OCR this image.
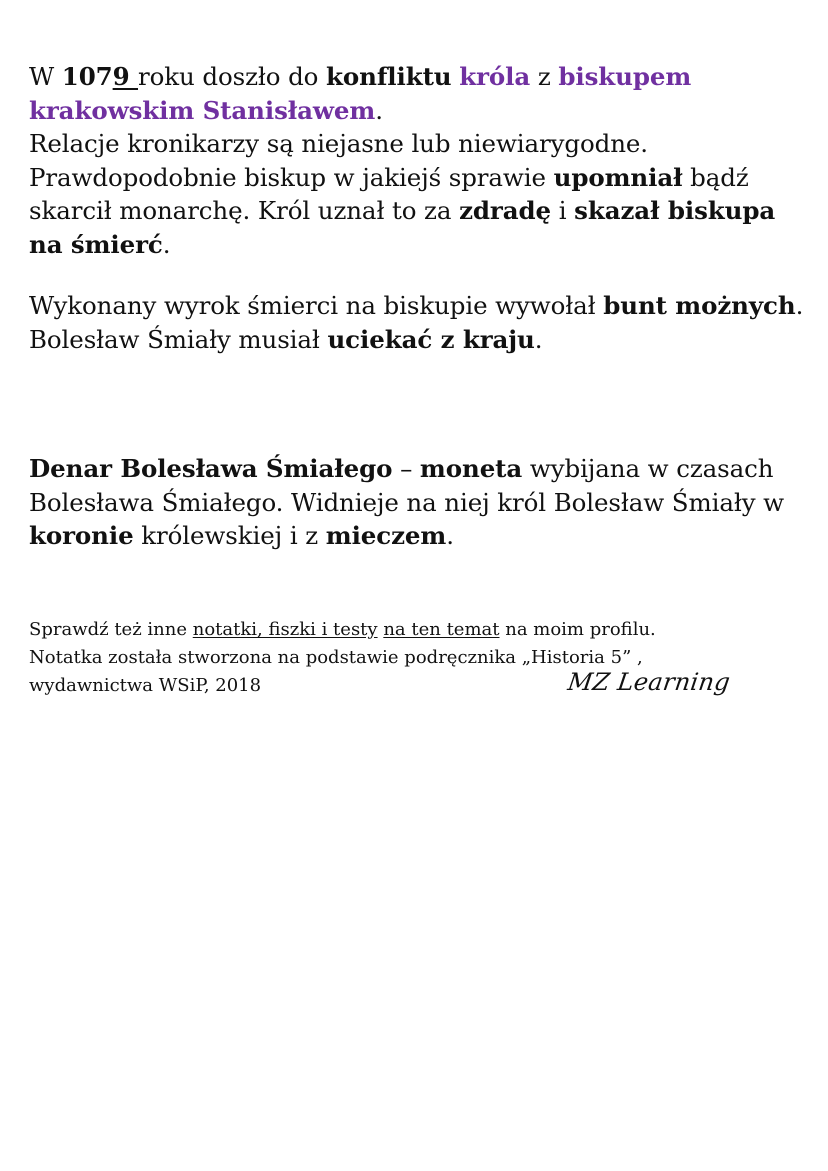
W 1079 roku doszło do konfliktu króla z biskupem krakowskim Stanisławem.
Relacje kronikarzy są niejasne lub niewiarygodne. Prawdopodobnie biskup w jakiejś sprawie upomniał bądź skarcił monarchę. Król uznał to za zdradę i skazał biskupa na śmierć.
Wykonany wyrok śmierci na biskupie wywołał bunt możnych. Bolesław Śmiały musiał uciekać z kraju.
Denar Bolesława Śmiałego – moneta wybijana w czasach Bolesława Śmiałego. Widnieje na niej król Bolesław Śmiały w koronie królewskiej i z mieczem.
Sprawdź też inne notatki, fiszki i testy na ten temat na moim profilu.
Notatka została stworzona na podstawie podręcznika „Historia 5” ,
wydawnictwa WSiP, 2018	MZ Learning
